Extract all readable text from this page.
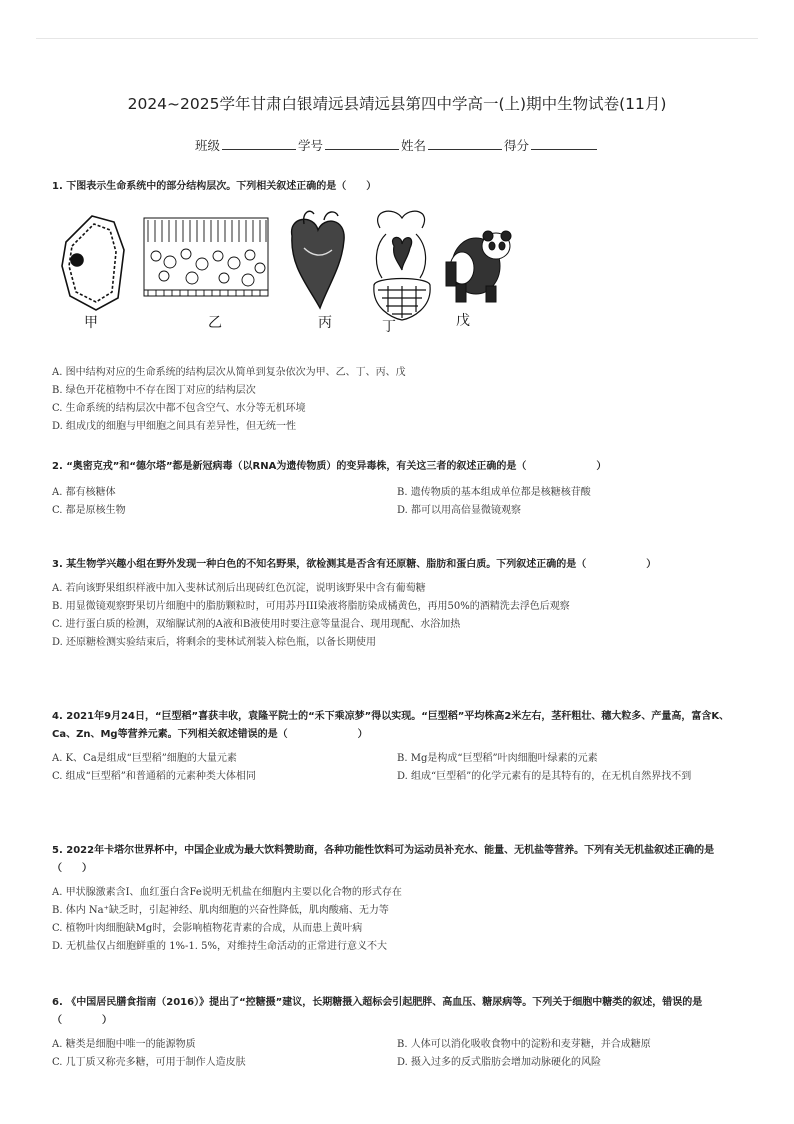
2024~2025学年甘肃白银靖远县靖远县第四中学高一(上)期中生物试卷(11月)
班级	学号	姓名	得分
1. 下图表示生命系统中的部分结构层次。下列相关叙述正确的是（　　）
甲	乙	丙	丁	戊
A. 图中结构对应的生命系统的结构层次从简单到复杂依次为甲、乙、丁、丙、戊
B. 绿色开花植物中不存在图丁对应的结构层次
C. 生命系统的结构层次中都不包含空气、水分等无机环境
D. 组成戊的细胞与甲细胞之间具有差异性，但无统一性
2. “奥密克戎”和“德尔塔”都是新冠病毒（以RNA为遗传物质）的变异毒株，有关这三者的叙述正确的是（　　　　　　　）
A. 都有核糖体	B. 遗传物质的基本组成单位都是核糖核苷酸
C. 都是原核生物	D. 都可以用高倍显微镜观察
3. 某生物学兴趣小组在野外发现一种白色的不知名野果，欲检测其是否含有还原糖、脂肪和蛋白质。下列叙述正确的是（　　　　　　）
A. 若向该野果组织样液中加入斐林试剂后出现砖红色沉淀，说明该野果中含有葡萄糖
B. 用显微镜观察野果切片细胞中的脂肪颗粒时，可用苏丹III染液将脂肪染成橘黄色，再用50%的酒精洗去浮色后观察
C. 进行蛋白质的检测，双缩脲试剂的A液和B液使用时要注意等量混合、现用现配、水浴加热
D. 还原糖检测实验结束后，将剩余的斐林试剂装入棕色瓶，以备长期使用
4. 2021年9月24日，“巨型稻”喜获丰收，袁隆平院士的“禾下乘凉梦”得以实现。“巨型稻”平均株高2米左右，茎秆粗壮、穗大粒多、产量高，富含K、Ca、Zn、Mg等营养元素。下列相关叙述错误的是（　　　　　　　）
A. K、Ca是组成“巨型稻”细胞的大量元素	B. Mg是构成“巨型稻”叶肉细胞叶绿素的元素
C. 组成“巨型稻”和普通稻的元素种类大体相同	D. 组成“巨型稻”的化学元素有的是其特有的，在无机自然界找不到
5. 2022年卡塔尔世界杯中，中国企业成为最大饮料赞助商，各种功能性饮料可为运动员补充水、能量、无机盐等营养。下列有关无机盐叙述正确的是（　　）
A. 甲状腺激素含Ⅰ、血红蛋白含Fe说明无机盐在细胞内主要以化合物的形式存在
B. 体内 Na⁺缺乏时，引起神经、肌肉细胞的兴奋性降低，肌肉酸痛、无力等
C. 植物叶肉细胞缺Mg时，会影响植物花青素的合成，从而患上黄叶病
D. 无机盐仅占细胞鲜重的 1%-1. 5%，对维持生命活动的正常进行意义不大
6. 《中国居民膳食指南（2016）》提出了“控糖摄”建议，长期糖摄入超标会引起肥胖、高血压、糖尿病等。下列关于细胞中糖类的叙述，错误的是（　　　　）
A. 糖类是细胞中唯一的能源物质	B. 人体可以消化吸收食物中的淀粉和麦芽糖，并合成糖原
C. 几丁质又称壳多糖，可用于制作人造皮肤	D. 摄入过多的反式脂肪会增加动脉硬化的风险
